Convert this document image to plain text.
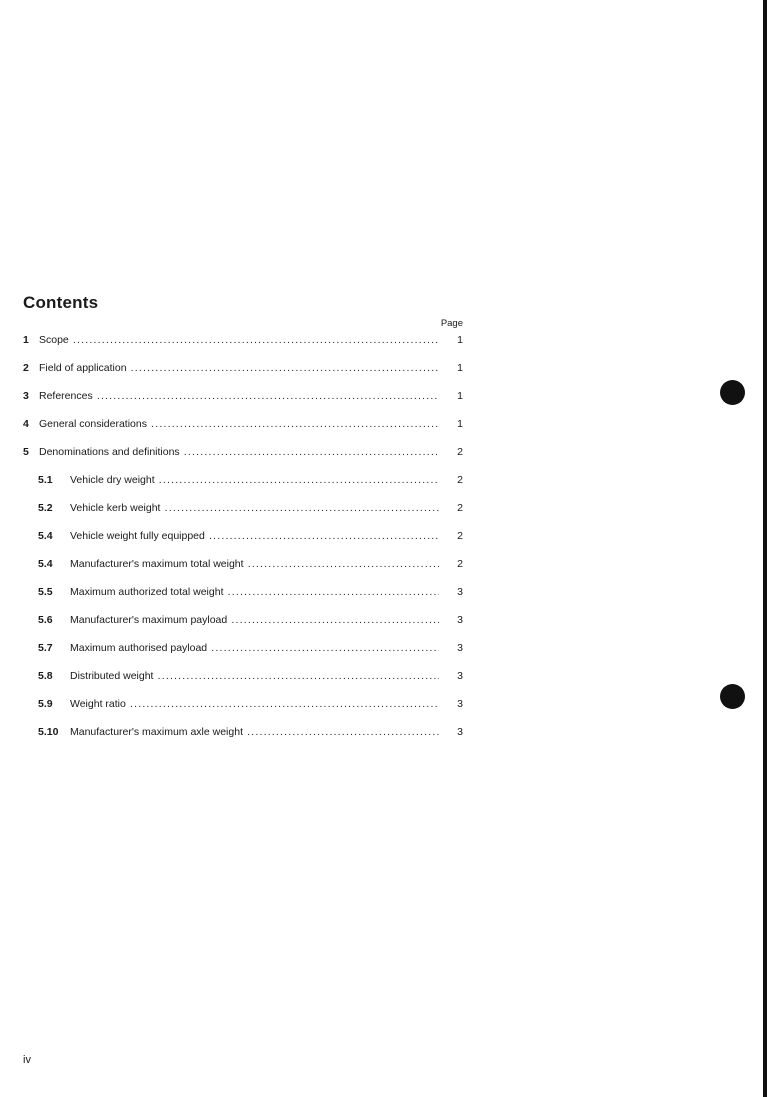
Contents
Page
1 Scope .....	1
2 Field of application .....	1
3 References .....	1
4 General considerations .....	1
5 Denominations and definitions .....	2
5.1 Vehicle dry weight .....	2
5.2 Vehicle kerb weight .....	2
5.4 Vehicle weight fully equipped .....	2
5.4 Manufacturer's maximum total weight .....	2
5.5 Maximum authorized total weight .....	3
5.6 Manufacturer's maximum payload .....	3
5.7 Maximum authorised payload .....	3
5.8 Distributed weight .....	3
5.9 Weight ratio .....	3
5.10 Manufacturer's maximum axle weight .....	3
iv
